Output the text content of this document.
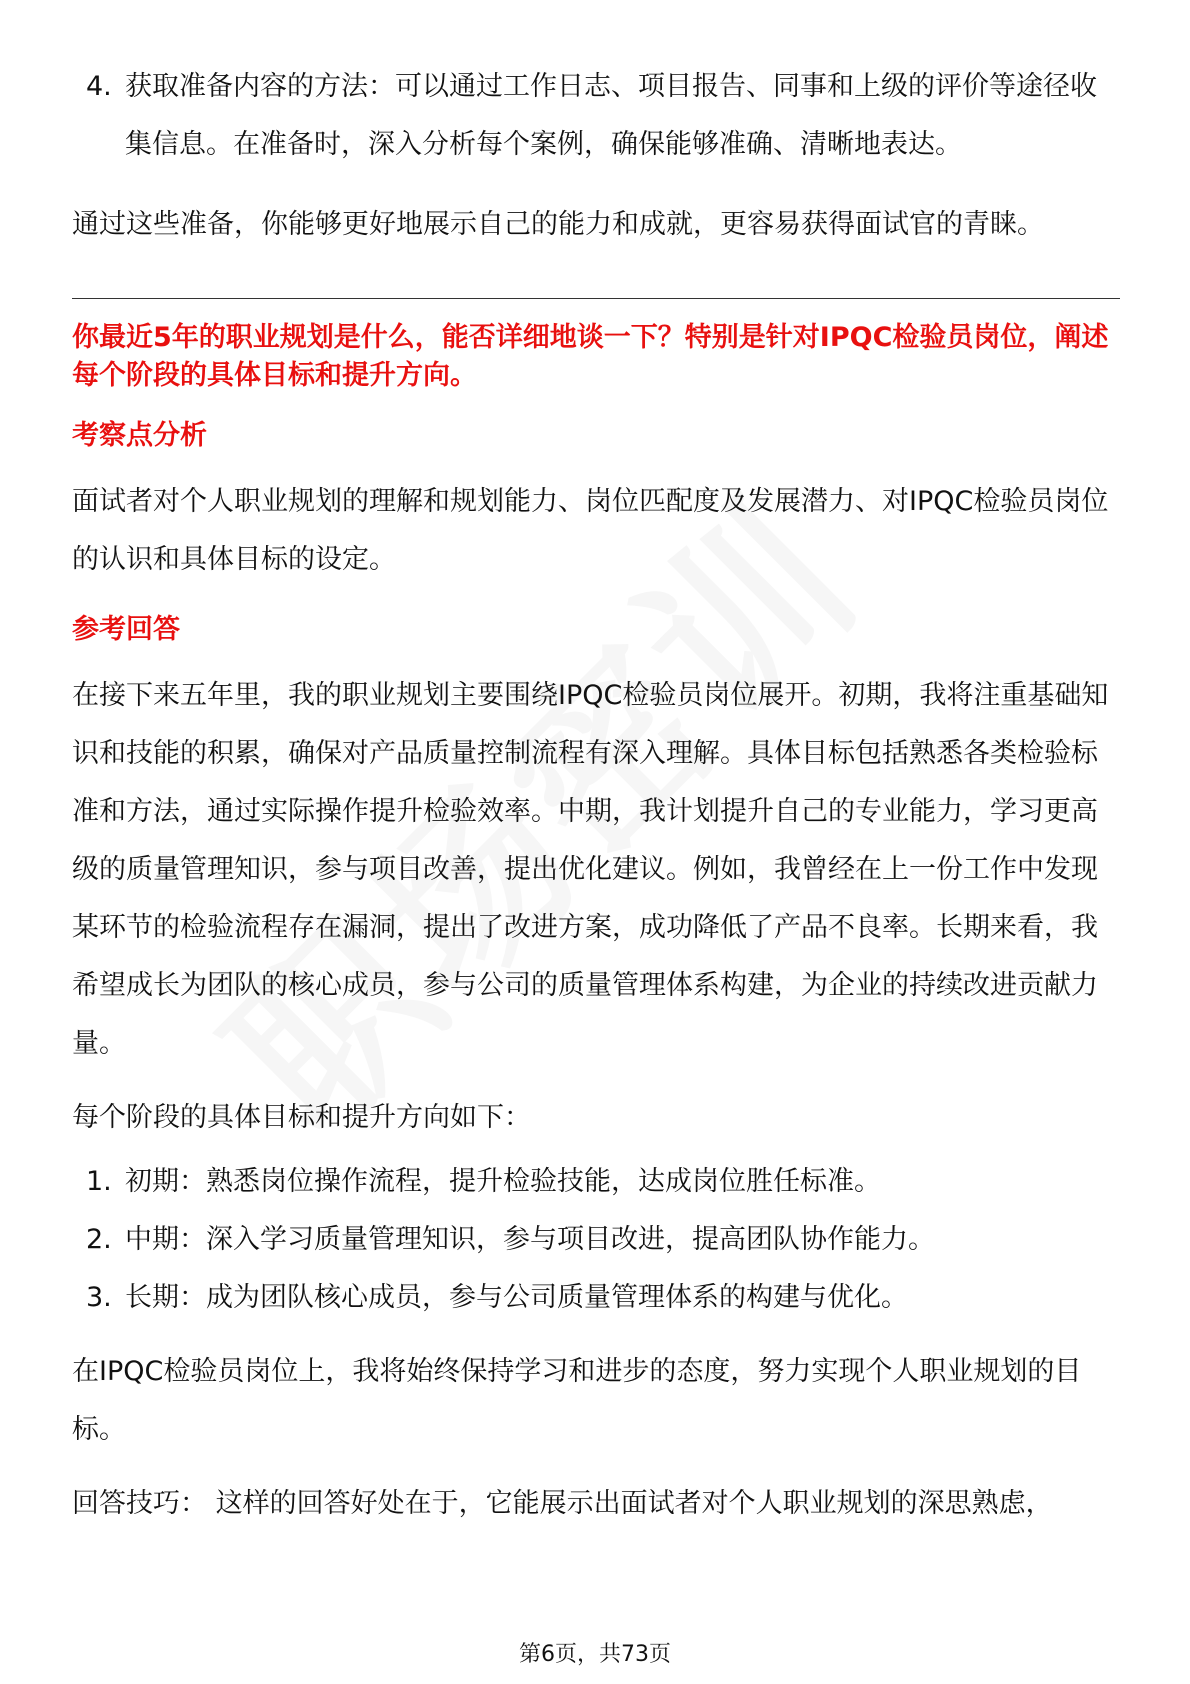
4. 获取准备内容的方法：可以通过工作日志、项目报告、同事和上级的评价等途径收集信息。在准备时，深入分析每个案例，确保能够准确、清晰地表达。

通过这些准备，你能够更好地展示自己的能力和成就，更容易获得面试官的青睐。

你最近5年的职业规划是什么，能否详细地谈一下？特别是针对IPQC检验员岗位，阐述每个阶段的具体目标和提升方向。

考察点分析

面试者对个人职业规划的理解和规划能力、岗位匹配度及发展潜力、对IPQC检验员岗位的认识和具体目标的设定。

参考回答

在接下来五年里，我的职业规划主要围绕IPQC检验员岗位展开。初期，我将注重基础知识和技能的积累，确保对产品质量控制流程有深入理解。具体目标包括熟悉各类检验标准和方法，通过实际操作提升检验效率。中期，我计划提升自己的专业能力，学习更高级的质量管理知识，参与项目改善，提出优化建议。例如，我曾经在上一份工作中发现某环节的检验流程存在漏洞，提出了改进方案，成功降低了产品不良率。长期来看，我希望成长为团队的核心成员，参与公司的质量管理体系构建，为企业的持续改进贡献力量。

每个阶段的具体目标和提升方向如下：

1. 初期：熟悉岗位操作流程，提升检验技能，达成岗位胜任标准。

2. 中期：深入学习质量管理知识，参与项目改进，提高团队协作能力。

3. 长期：成为团队核心成员，参与公司质量管理体系的构建与优化。

在IPQC检验员岗位上，我将始终保持学习和进步的态度，努力实现个人职业规划的目标。

回答技巧： 这样的回答好处在于，它能展示出面试者对个人职业规划的深思熟虑，

第6页，共73页
